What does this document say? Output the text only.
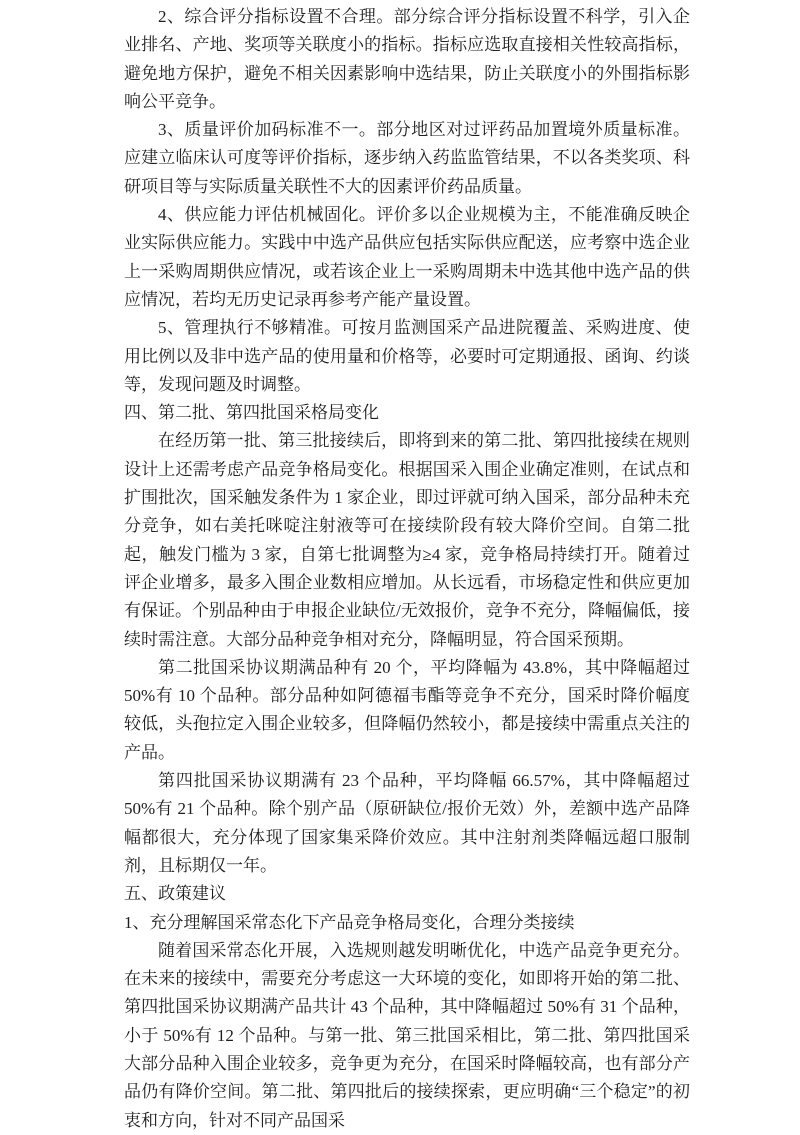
2、综合评分指标设置不合理。部分综合评分指标设置不科学，引入企业排名、产地、奖项等关联度小的指标。指标应选取直接相关性较高指标，避免地方保护，避免不相关因素影响中选结果，防止关联度小的外围指标影响公平竞争。

3、质量评价加码标准不一。部分地区对过评药品加置境外质量标准。应建立临床认可度等评价指标，逐步纳入药监监管结果，不以各类奖项、科研项目等与实际质量关联性不大的因素评价药品质量。

4、供应能力评估机械固化。评价多以企业规模为主，不能准确反映企业实际供应能力。实践中中选产品供应包括实际供应配送，应考察中选企业上一采购周期供应情况，或若该企业上一采购周期未中选其他中选产品的供应情况，若均无历史记录再参考产能产量设置。

5、管理执行不够精准。可按月监测国采产品进院覆盖、采购进度、使用比例以及非中选产品的使用量和价格等，必要时可定期通报、函询、约谈等，发现问题及时调整。

四、第二批、第四批国采格局变化

在经历第一批、第三批接续后，即将到来的第二批、第四批接续在规则设计上还需考虑产品竞争格局变化。根据国采入围企业确定准则，在试点和扩围批次，国采触发条件为 1 家企业，即过评就可纳入国采，部分品种未充分竞争，如右美托咪啶注射液等可在接续阶段有较大降价空间。自第二批起，触发门槛为 3 家，自第七批调整为≥4 家，竞争格局持续打开。随着过评企业增多，最多入围企业数相应增加。从长远看，市场稳定性和供应更加有保证。个别品种由于申报企业缺位/无效报价，竞争不充分，降幅偏低，接续时需注意。大部分品种竞争相对充分，降幅明显，符合国采预期。

第二批国采协议期满品种有 20 个，平均降幅为 43.8%，其中降幅超过 50%有 10 个品种。部分品种如阿德福韦酯等竞争不充分，国采时降价幅度较低，头孢拉定入围企业较多，但降幅仍然较小，都是接续中需重点关注的产品。

第四批国采协议期满有 23 个品种，平均降幅 66.57%，其中降幅超过 50%有 21 个品种。除个别产品（原研缺位/报价无效）外，差额中选产品降幅都很大，充分体现了国家集采降价效应。其中注射剂类降幅远超口服制剂，且标期仅一年。

五、政策建议

1、充分理解国采常态化下产品竞争格局变化，合理分类接续

随着国采常态化开展，入选规则越发明晰优化，中选产品竞争更充分。在未来的接续中，需要充分考虑这一大环境的变化，如即将开始的第二批、第四批国采协议期满产品共计 43 个品种，其中降幅超过 50%有 31 个品种，小于 50%有 12 个品种。与第一批、第三批国采相比，第二批、第四批国采大部分品种入围企业较多，竞争更为充分，在国采时降幅较高，也有部分产品仍有降价空间。第二批、第四批后的接续探索，更应明确“三个稳定”的初衷和方向，针对不同产品国采
